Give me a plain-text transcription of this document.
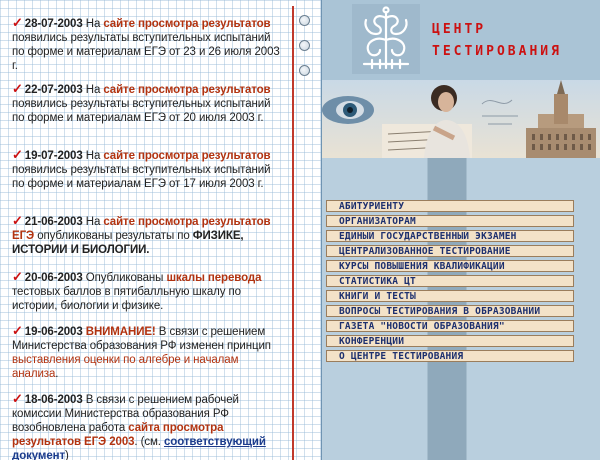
✓ 28-07-2003 На сайте просмотра результатов появились результаты вступительных испытаний по форме и материалам ЕГЭ от 23 и 26 июля 2003 г.
✓ 22-07-2003 На сайте просмотра результатов появились результаты вступительных испытаний по форме и материалам ЕГЭ от 20 июля 2003 г.
✓ 19-07-2003 На сайте просмотра результатов появились результаты вступительных испытаний по форме и материалам ЕГЭ от 17 июля 2003 г.
✓ 21-06-2003 На сайте просмотра результатов ЕГЭ опубликованы результаты по ФИЗИКЕ, ИСТОРИИ И БИОЛОГИИ.
✓ 20-06-2003 Опубликованы шкалы перевода тестовых баллов в пятибалльную шкалу по истории, биологии и физике.
✓ 19-06-2003 ВНИМАНИЕ! В связи с решением Министерства образования РФ изменен принцип выставления оценки по алгебре и началам анализа.
✓ 18-06-2003 В связи с решением рабочей комиссии Министерства образования РФ возобновлена работа сайта просмотра результатов ЕГЭ 2003. (см. соответствующий документ)
ЦЕНТР
ТЕСТИРОВАНИЯ
АБИТУРИЕНТУ
ОРГАНИЗАТОРАМ
ЕДИНЫЙ ГОСУДАРСТВЕННЫЙ ЭКЗАМЕН
ЦЕНТРАЛИЗОВАННОЕ ТЕСТИРОВАНИЕ
КУРСЫ ПОВЫШЕНИЯ КВАЛИФИКАЦИИ
СТАТИСТИКА ЦТ
КНИГИ И ТЕСТЫ
ВОПРОСЫ ТЕСТИРОВАНИЯ В ОБРАЗОВАНИИ
ГАЗЕТА "НОВОСТИ ОБРАЗОВАНИЯ"
КОНФЕРЕНЦИИ
О ЦЕНТРЕ ТЕСТИРОВАНИЯ
